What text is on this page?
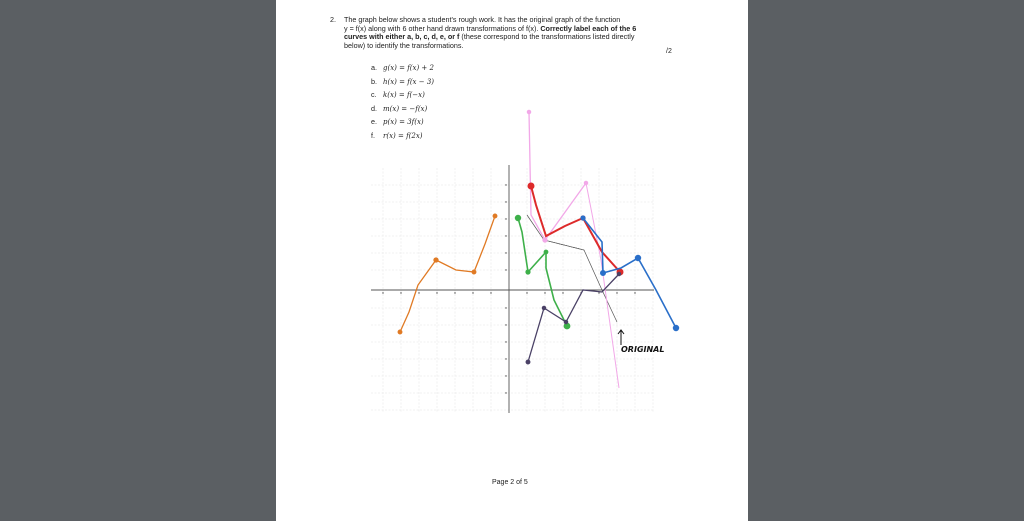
2. The graph below shows a student's rough work. It has the original graph of the function
y = f(x) along with 6 other hand drawn transformations of f(x). Correctly label each of the 6
curves with either a, b, c, d, e, or f (these correspond to the transformations listed directly
below) to identify the transformations.
/2
a. g(x) = f(x) + 2
b. h(x) = f(x − 3)
c. k(x) = f(−x)
d. m(x) = −f(x)
e. p(x) = 3f(x)
f. r(x) = f(2x)
ORIGINAL
Page 2 of 5
